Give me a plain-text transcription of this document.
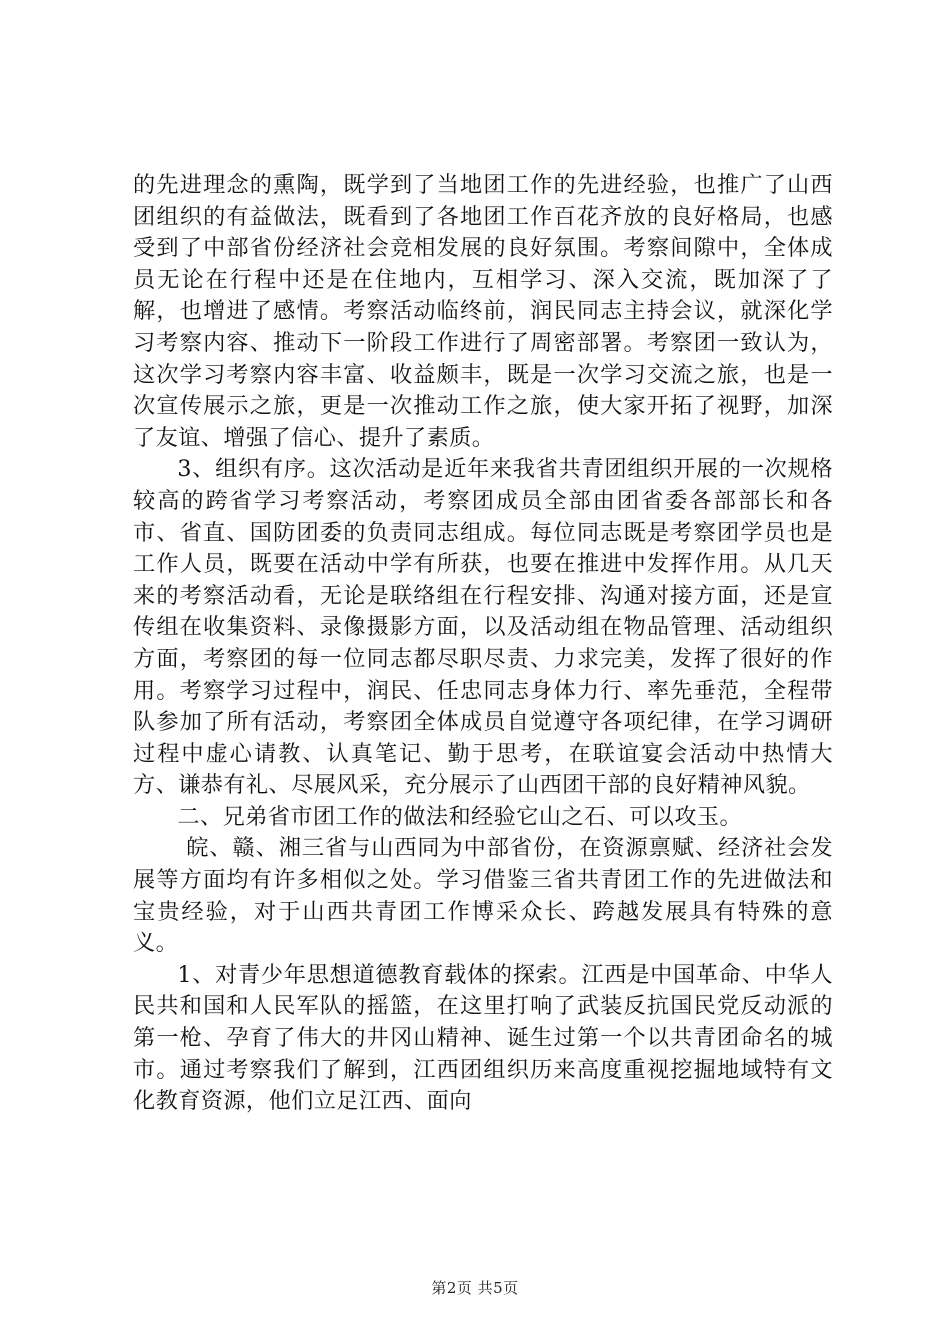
的先进理念的熏陶，既学到了当地团工作的先进经验，也推广了山西团组织的有益做法，既看到了各地团工作百花齐放的良好格局，也感受到了中部省份经济社会竞相发展的良好氛围。考察间隙中，全体成员无论在行程中还是在住地内，互相学习、深入交流，既加深了了解，也增进了感情。考察活动临终前，润民同志主持会议，就深化学习考察内容、推动下一阶段工作进行了周密部署。考察团一致认为，这次学习考察内容丰富、收益颇丰，既是一次学习交流之旅，也是一次宣传展示之旅，更是一次推动工作之旅，使大家开拓了视野，加深了友谊、增强了信心、提升了素质。

3、组织有序。这次活动是近年来我省共青团组织开展的一次规格较高的跨省学习考察活动，考察团成员全部由团省委各部部长和各市、省直、国防团委的负责同志组成。每位同志既是考察团学员也是工作人员，既要在活动中学有所获，也要在推进中发挥作用。从几天来的考察活动看，无论是联络组在行程安排、沟通对接方面，还是宣传组在收集资料、录像摄影方面，以及活动组在物品管理、活动组织方面，考察团的每一位同志都尽职尽责、力求完美，发挥了很好的作用。考察学习过程中，润民、任忠同志身体力行、率先垂范，全程带队参加了所有活动，考察团全体成员自觉遵守各项纪律，在学习调研过程中虚心请教、认真笔记、勤于思考，在联谊宴会活动中热情大方、谦恭有礼、尽展风采，充分展示了山西团干部的良好精神风貌。

二、兄弟省市团工作的做法和经验它山之石、可以攻玉。

皖、赣、湘三省与山西同为中部省份，在资源禀赋、经济社会发展等方面均有许多相似之处。学习借鉴三省共青团工作的先进做法和宝贵经验，对于山西共青团工作博采众长、跨越发展具有特殊的意义。

1、对青少年思想道德教育载体的探索。江西是中国革命、中华人民共和国和人民军队的摇篮，在这里打响了武装反抗国民党反动派的第一枪、孕育了伟大的井冈山精神、诞生过第一个以共青团命名的城市。通过考察我们了解到，江西团组织历来高度重视挖掘地域特有文化教育资源，他们立足江西、面向

第2页 共5页
